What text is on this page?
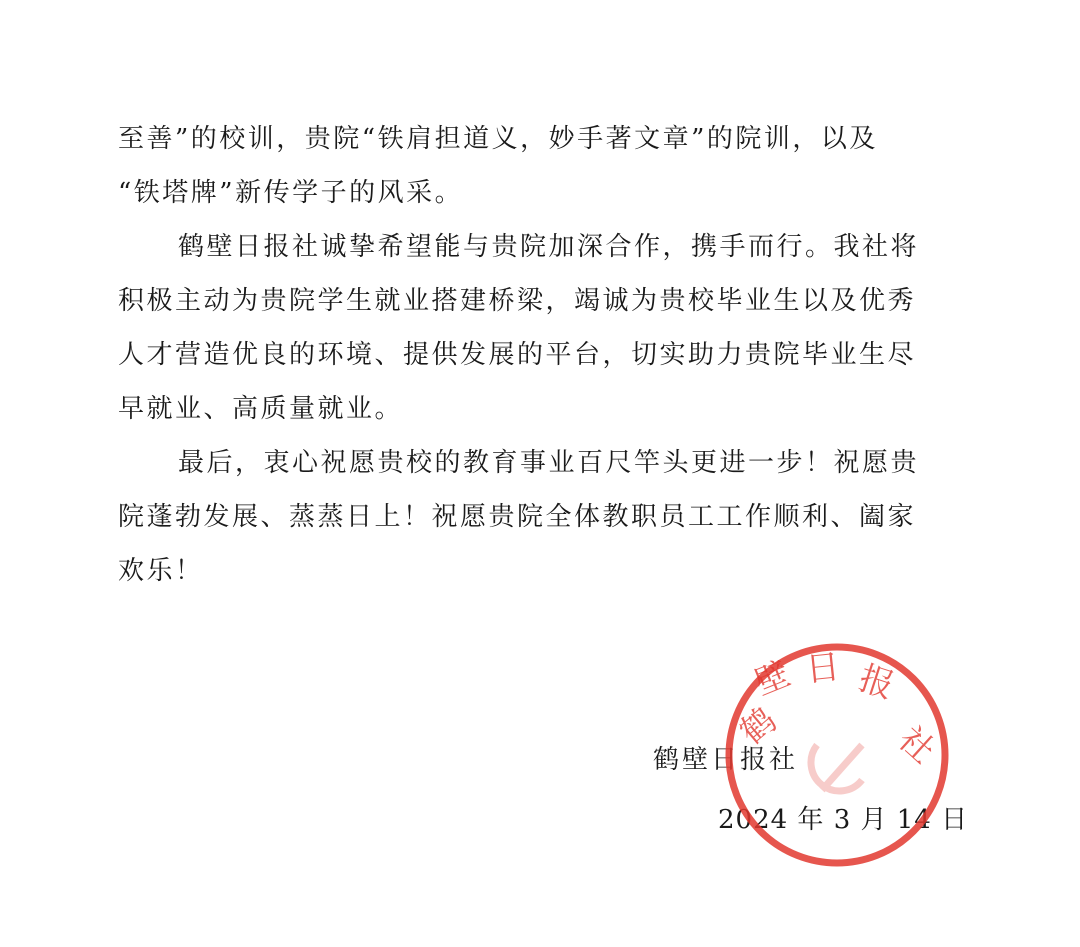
至善”的校训，贵院“铁肩担道义，妙手著文章”的院训，以及
“铁塔牌”新传学子的风采。
鹤壁日报社诚挚希望能与贵院加深合作，携手而行。我社将
积极主动为贵院学生就业搭建桥梁，竭诚为贵校毕业生以及优秀
人才营造优良的环境、提供发展的平台，切实助力贵院毕业生尽
早就业、高质量就业。
最后，衷心祝愿贵校的教育事业百尺竿头更进一步！祝愿贵
院蓬勃发展、蒸蒸日上！祝愿贵院全体教职员工工作顺利、阖家
欢乐！
鹤壁日报社
2024 年 3 月 14 日
鹤
壁 日 报
社
